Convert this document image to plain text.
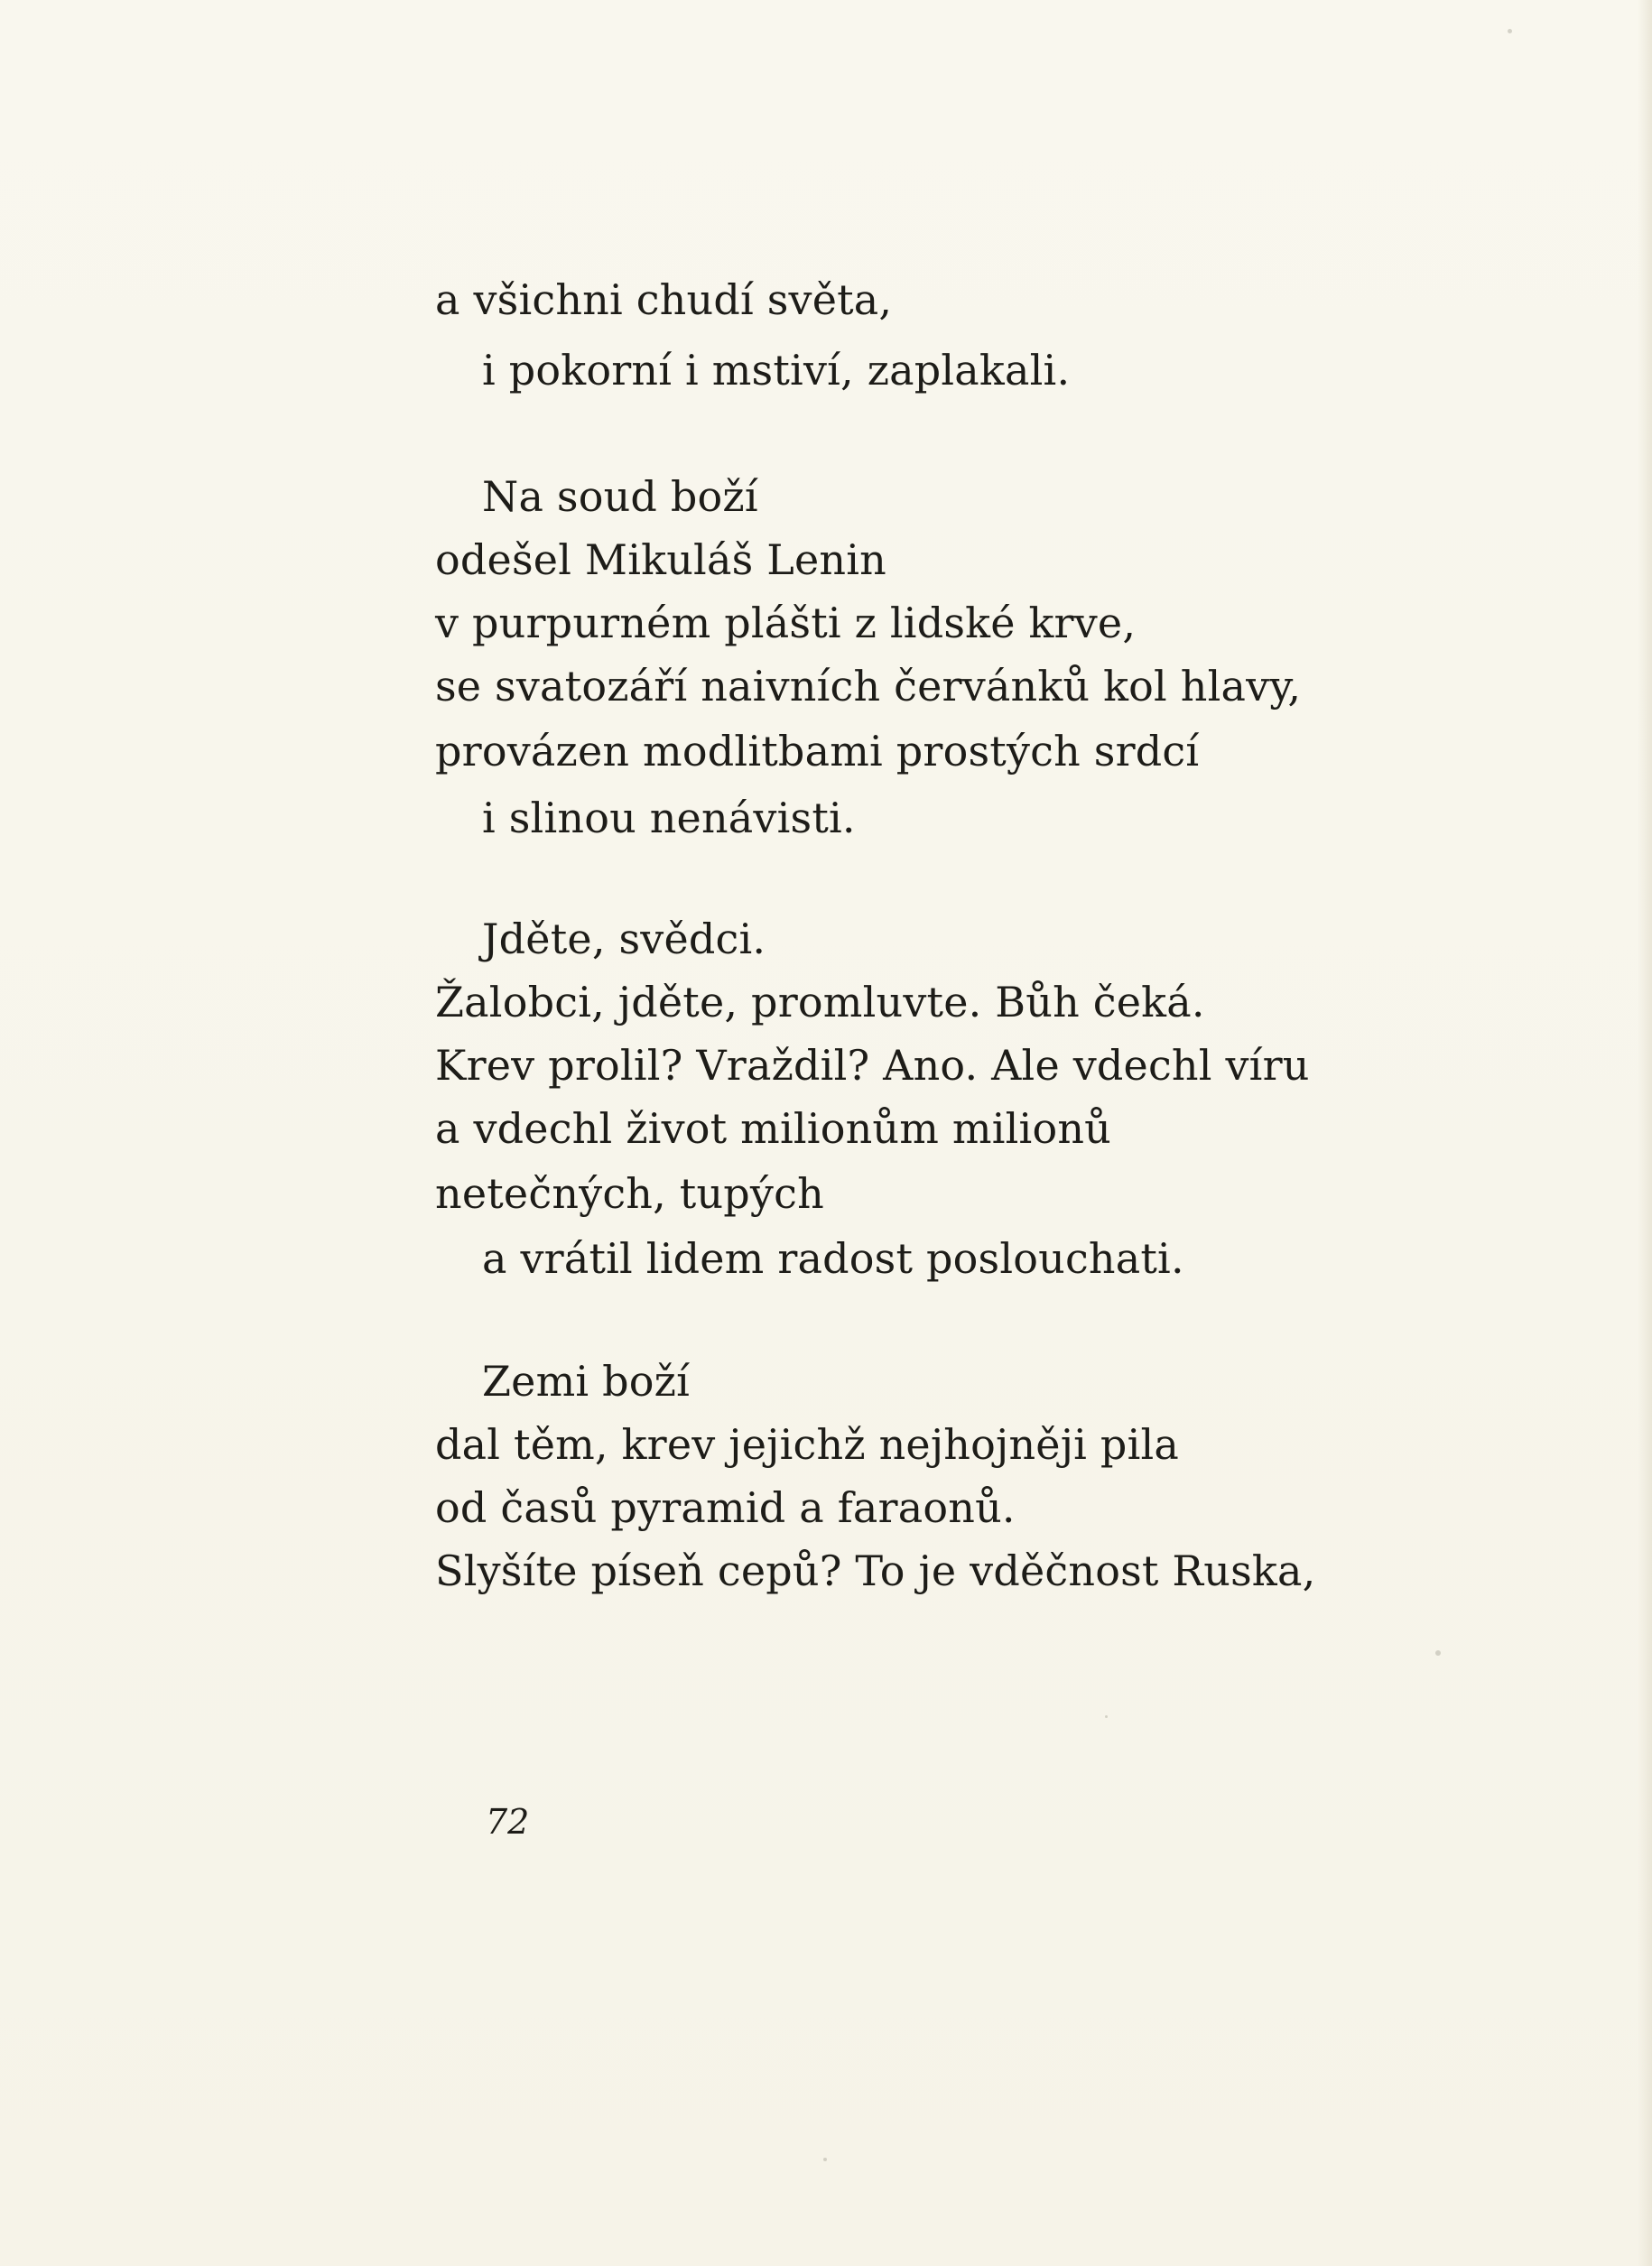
a všichni chudí světa,
i pokorní i mstiví, zaplakali.
Na soud boží
odešel Mikuláš Lenin
v purpurném plášti z lidské krve,
se svatozáří naivních červánků kol hlavy,
provázen modlitbami prostých srdcí
i slinou nenávisti.
Jděte, svědci.
Žalobci, jděte, promluvte. Bůh čeká.
Krev prolil? Vraždil? Ano. Ale vdechl víru
a vdechl život milionům milionů
netečných, tupých
a vrátil lidem radost poslouchati.
Zemi boží
dal těm, krev jejichž nejhojněji pila
od časů pyramid a faraonů.
Slyšíte píseň cepů? To je vděčnost Ruska,
72
